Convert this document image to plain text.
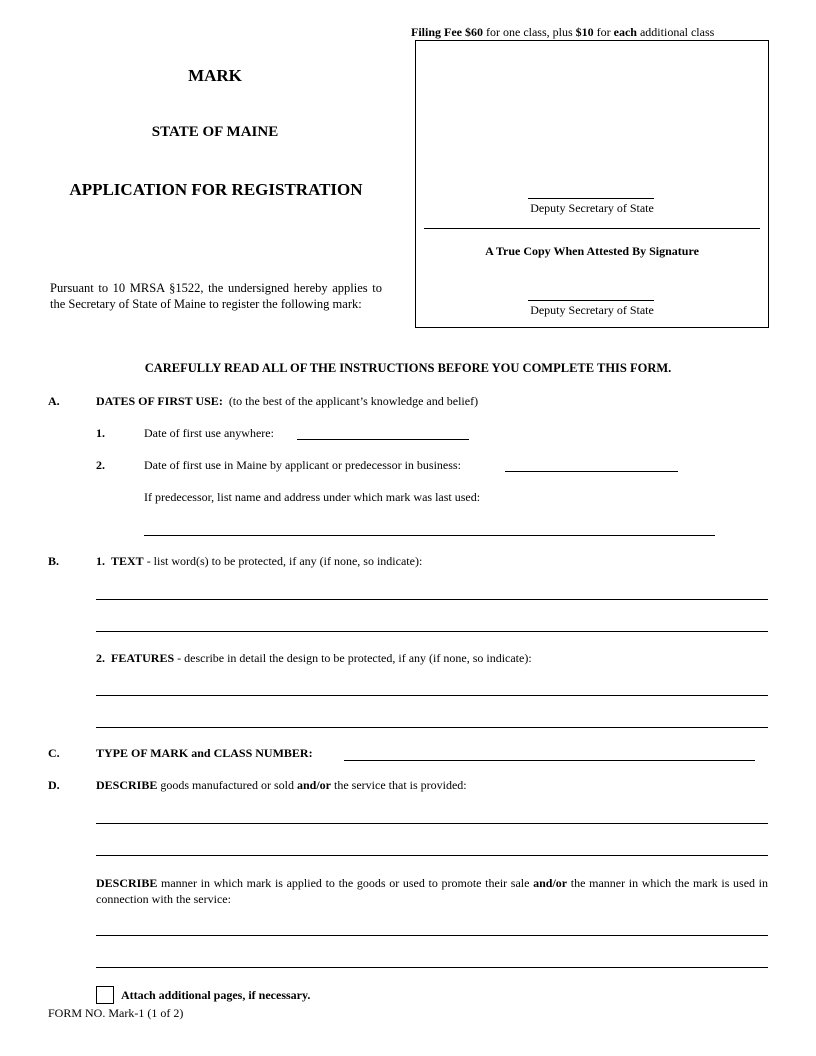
MARK
STATE OF MAINE
APPLICATION FOR REGISTRATION
Pursuant to 10 MRSA §1522, the undersigned hereby applies to the Secretary of State of Maine to register the following mark:
Filing Fee $60 for one class, plus $10 for each additional class
Deputy Secretary of State
A True Copy When Attested By Signature
Deputy Secretary of State
CAREFULLY READ ALL OF THE INSTRUCTIONS BEFORE YOU COMPLETE THIS FORM.
A.	DATES OF FIRST USE: (to the best of the applicant’s knowledge and belief)
1.	Date of first use anywhere:
2.	Date of first use in Maine by applicant or predecessor in business:
If predecessor, list name and address under which mark was last used:
B.	1. TEXT - list word(s) to be protected, if any (if none, so indicate):
2. FEATURES - describe in detail the design to be protected, if any (if none, so indicate):
C.	TYPE OF MARK and CLASS NUMBER:
D.	DESCRIBE goods manufactured or sold and/or the service that is provided:
DESCRIBE manner in which mark is applied to the goods or used to promote their sale and/or the manner in which the mark is used in connection with the service:
Attach additional pages, if necessary.
FORM NO. Mark-1 (1 of 2)
